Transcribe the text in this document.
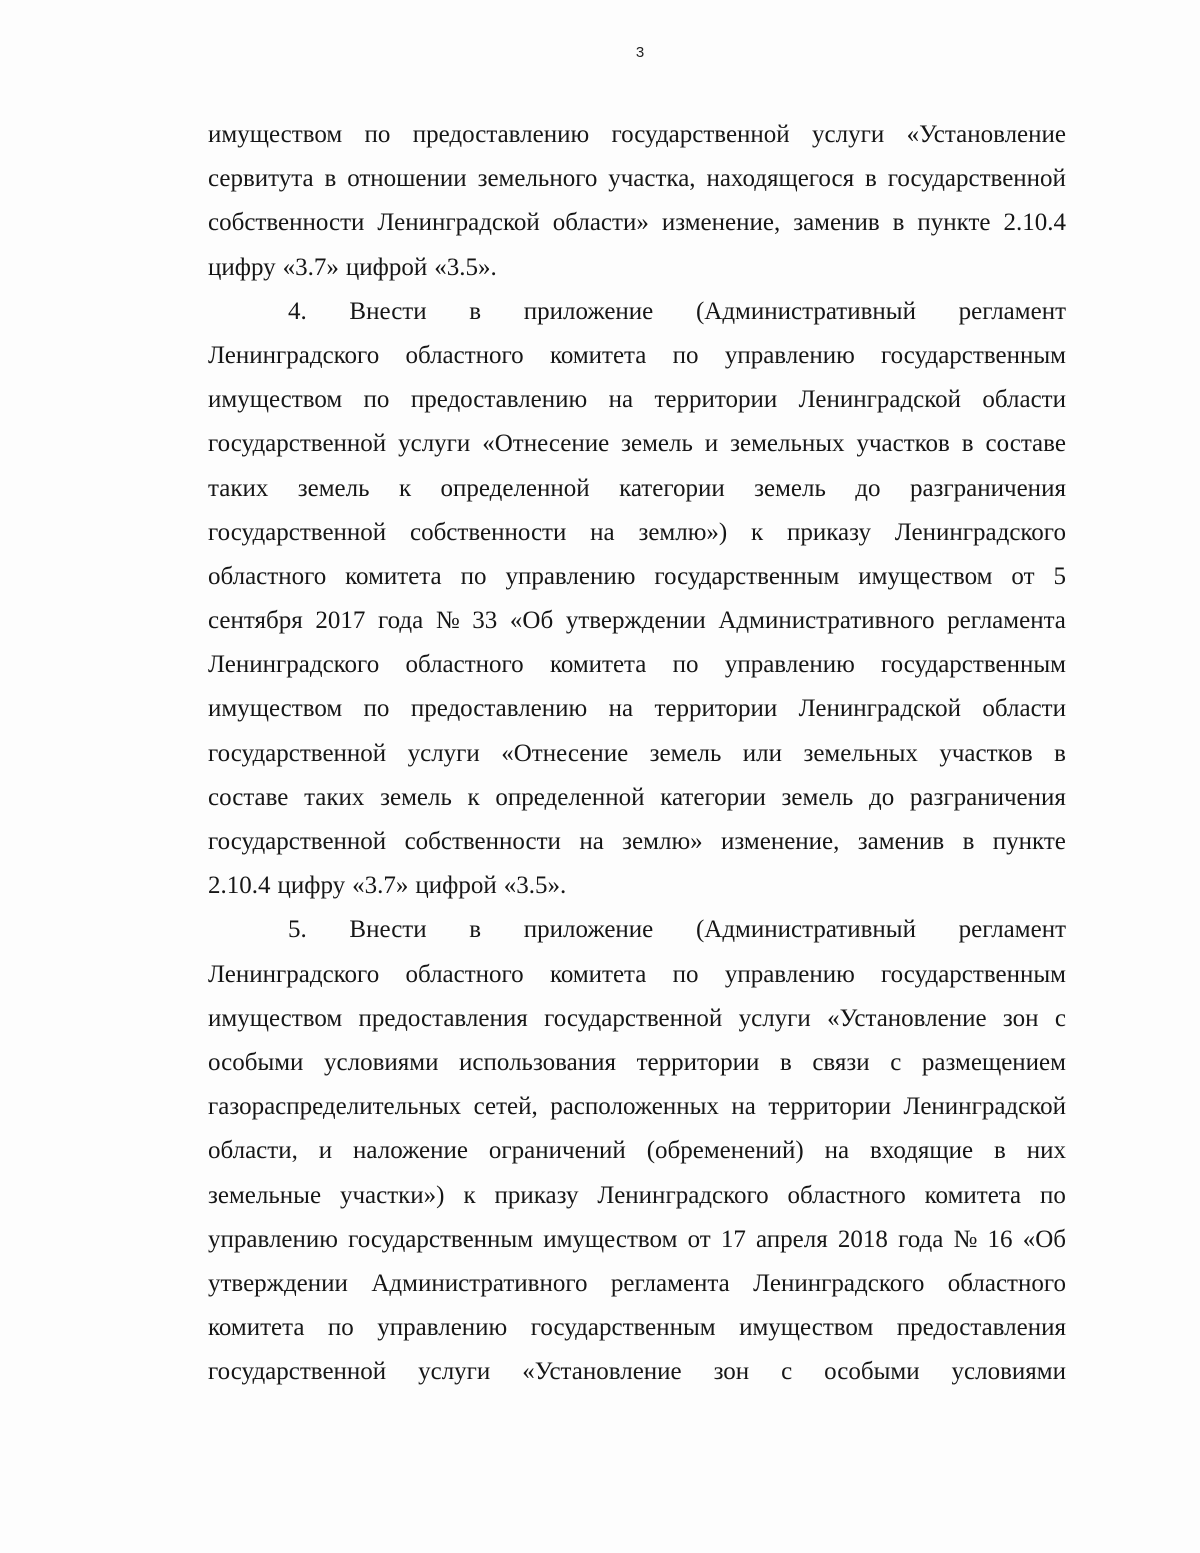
3
имуществом по предоставлению государственной услуги «Установление
сервитута в отношении земельного участка, находящегося в государственной
собственности Ленинградской области» изменение, заменив в пункте 2.10.4
цифру «3.7» цифрой «3.5».
4. Внести в приложение (Административный регламент
Ленинградского областного комитета по управлению государственным
имуществом по предоставлению на территории Ленинградской области
государственной услуги «Отнесение земель и земельных участков в составе
таких земель к определенной категории земель до разграничения
государственной собственности на землю») к приказу Ленинградского
областного комитета по управлению государственным имуществом от 5
сентября 2017 года № 33 «Об утверждении Административного регламента
Ленинградского областного комитета по управлению государственным
имуществом по предоставлению на территории Ленинградской области
государственной услуги «Отнесение земель или земельных участков в
составе таких земель к определенной категории земель до разграничения
государственной собственности на землю» изменение, заменив в пункте
2.10.4 цифру «3.7» цифрой «3.5».
5. Внести в приложение (Административный регламент
Ленинградского областного комитета по управлению государственным
имуществом предоставления государственной услуги «Установление зон с
особыми условиями использования территории в связи с размещением
газораспределительных сетей, расположенных на территории Ленинградской
области, и наложение ограничений (обременений) на входящие в них
земельные участки») к приказу Ленинградского областного комитета по
управлению государственным имуществом от 17 апреля 2018 года № 16 «Об
утверждении Административного регламента Ленинградского областного
комитета по управлению государственным имуществом предоставления
государственной услуги «Установление зон с особыми условиями
